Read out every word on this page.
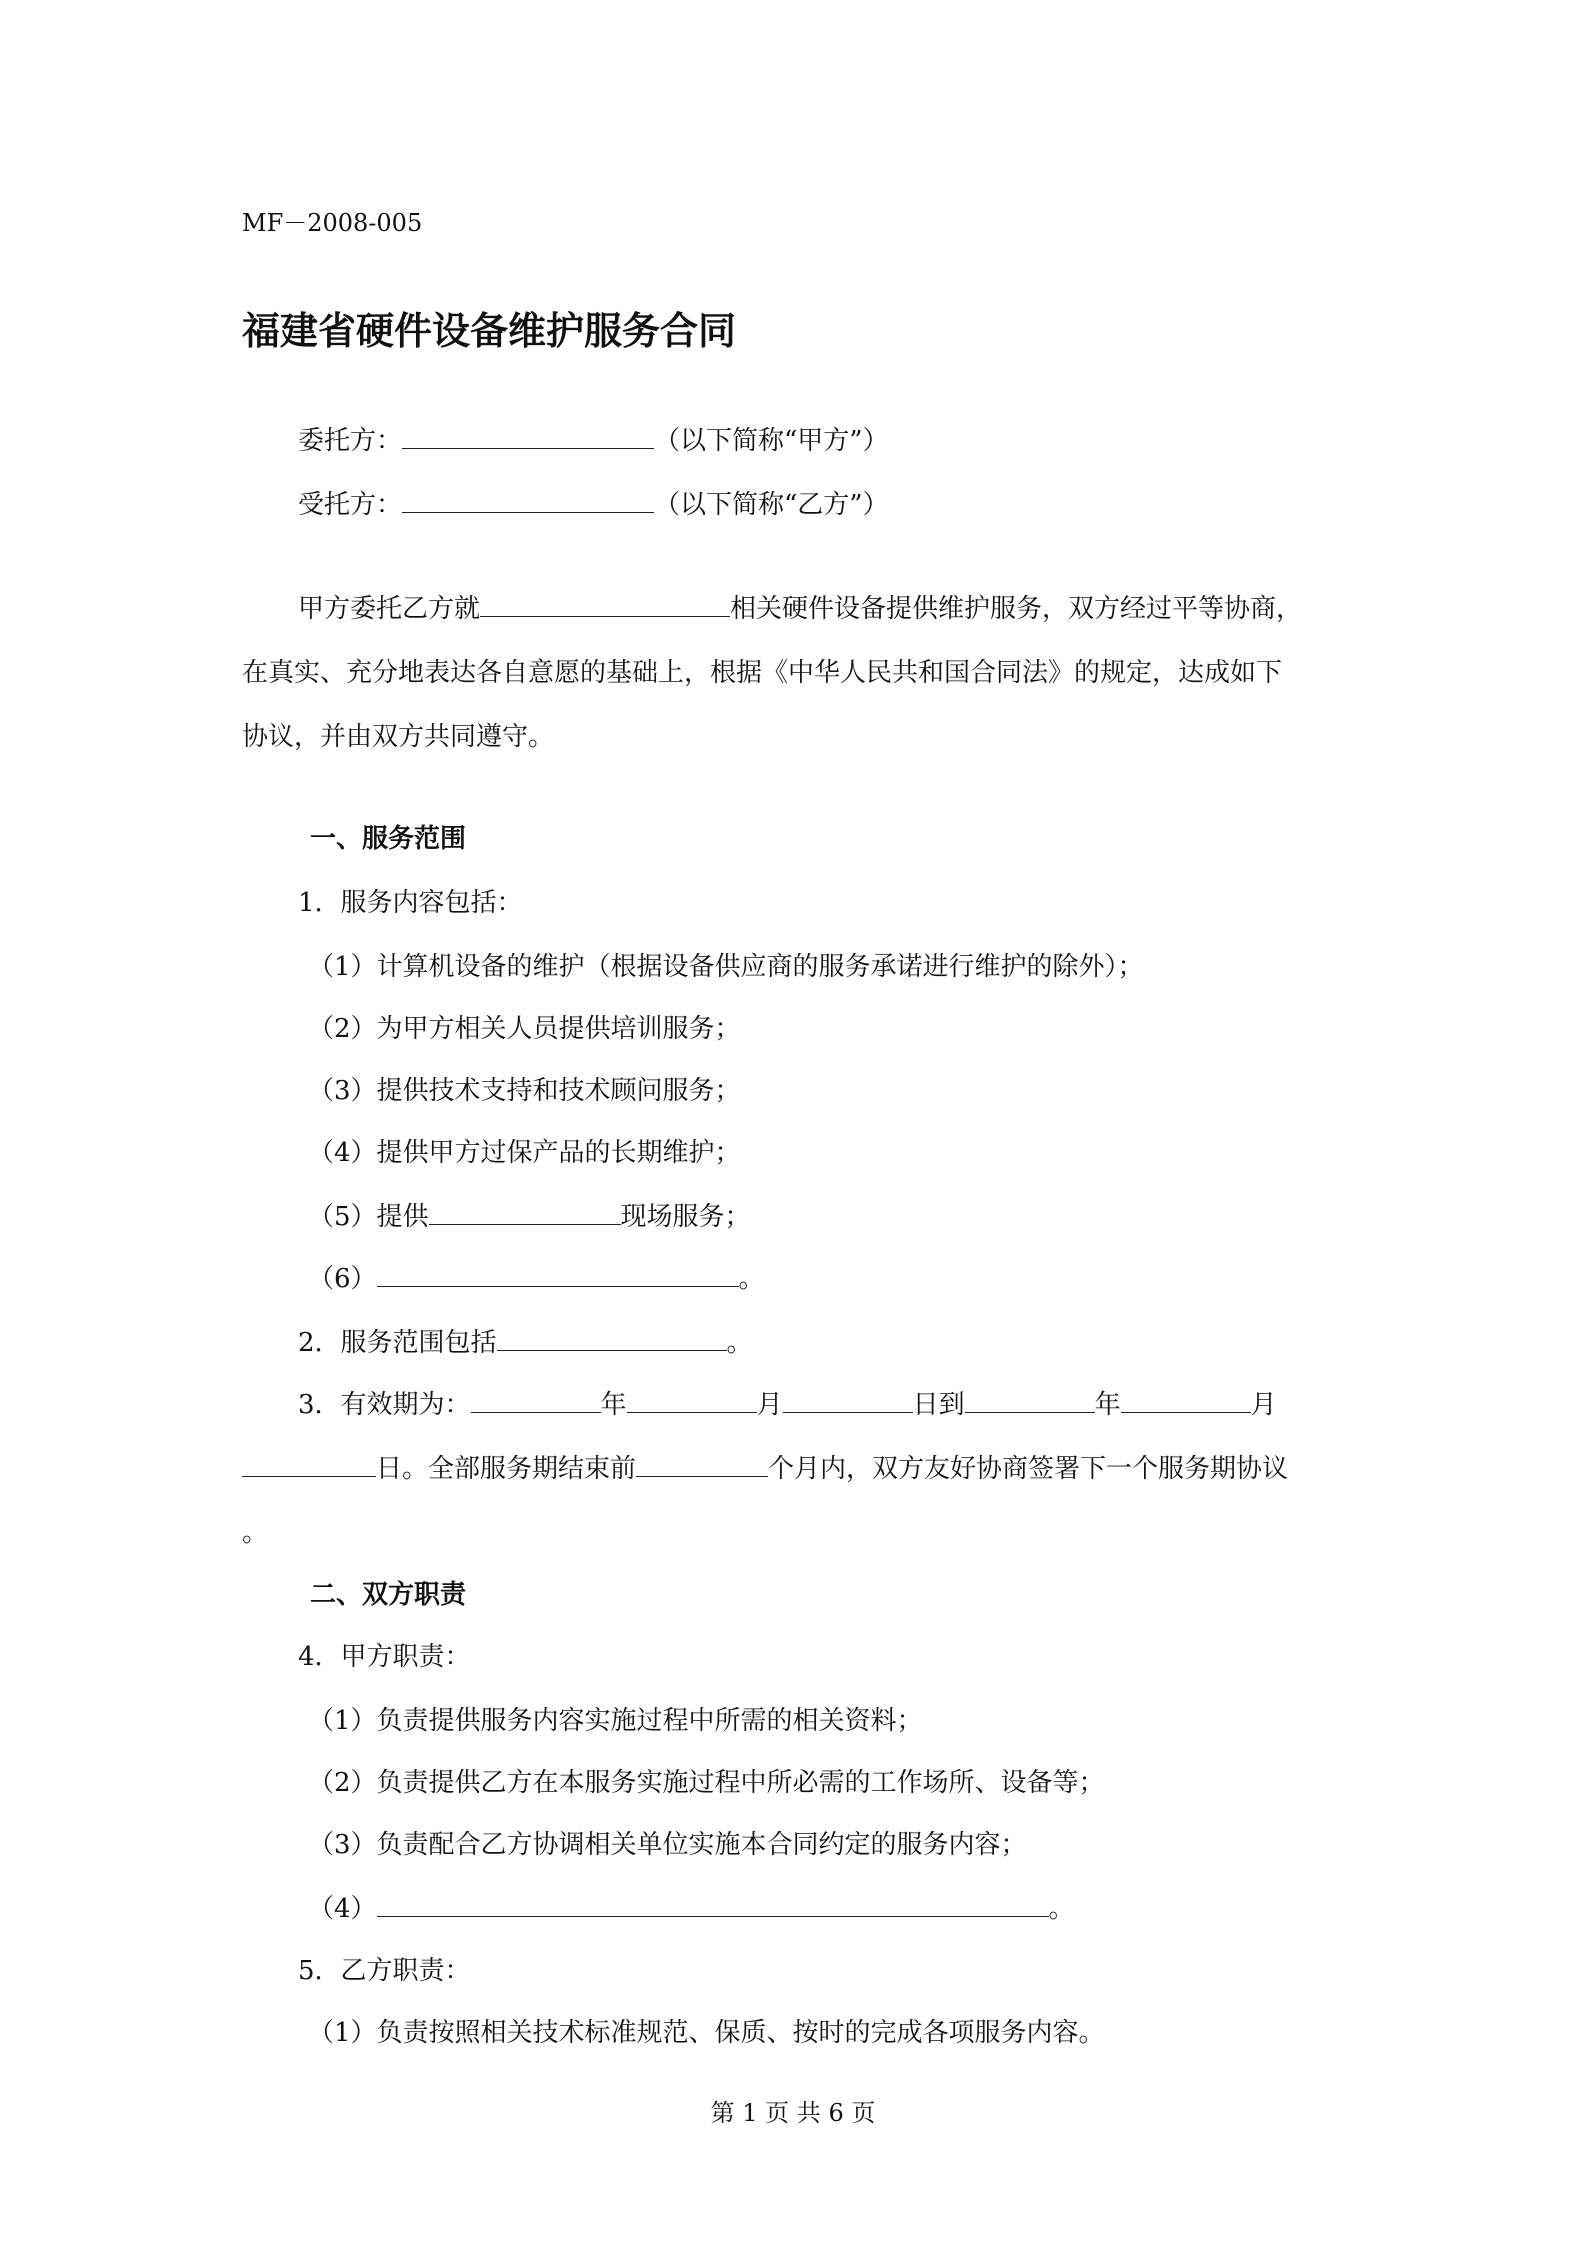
MF－2008-005
福建省硬件设备维护服务合同
委托方：	（以下简称“甲方”）
受托方：	（以下简称“乙方”）
甲方委托乙方就	相关硬件设备提供维护服务，双方经过平等协商，
在真实、充分地表达各自意愿的基础上，根据《中华人民共和国合同法》的规定，达成如下
协议，并由双方共同遵守。
一、服务范围
1．服务内容包括：
（1）计算机设备的维护（根据设备供应商的服务承诺进行维护的除外）；
（2）为甲方相关人员提供培训服务；
（3）提供技术支持和技术顾问服务；
（4）提供甲方过保产品的长期维护；
（5）提供	现场服务；
（6）	。
2．服务范围包括	。
3．有效期为：	年	月	日到	年	月
日。全部服务期结束前	个月内，双方友好协商签署下一个服务期协议
。
二、双方职责
4．甲方职责：
（1）负责提供服务内容实施过程中所需的相关资料；
（2）负责提供乙方在本服务实施过程中所必需的工作场所、设备等；
（3）负责配合乙方协调相关单位实施本合同约定的服务内容；
（4）	。
5．乙方职责：
（1）负责按照相关技术标准规范、保质、按时的完成各项服务内容。
第 1 页 共 6 页
